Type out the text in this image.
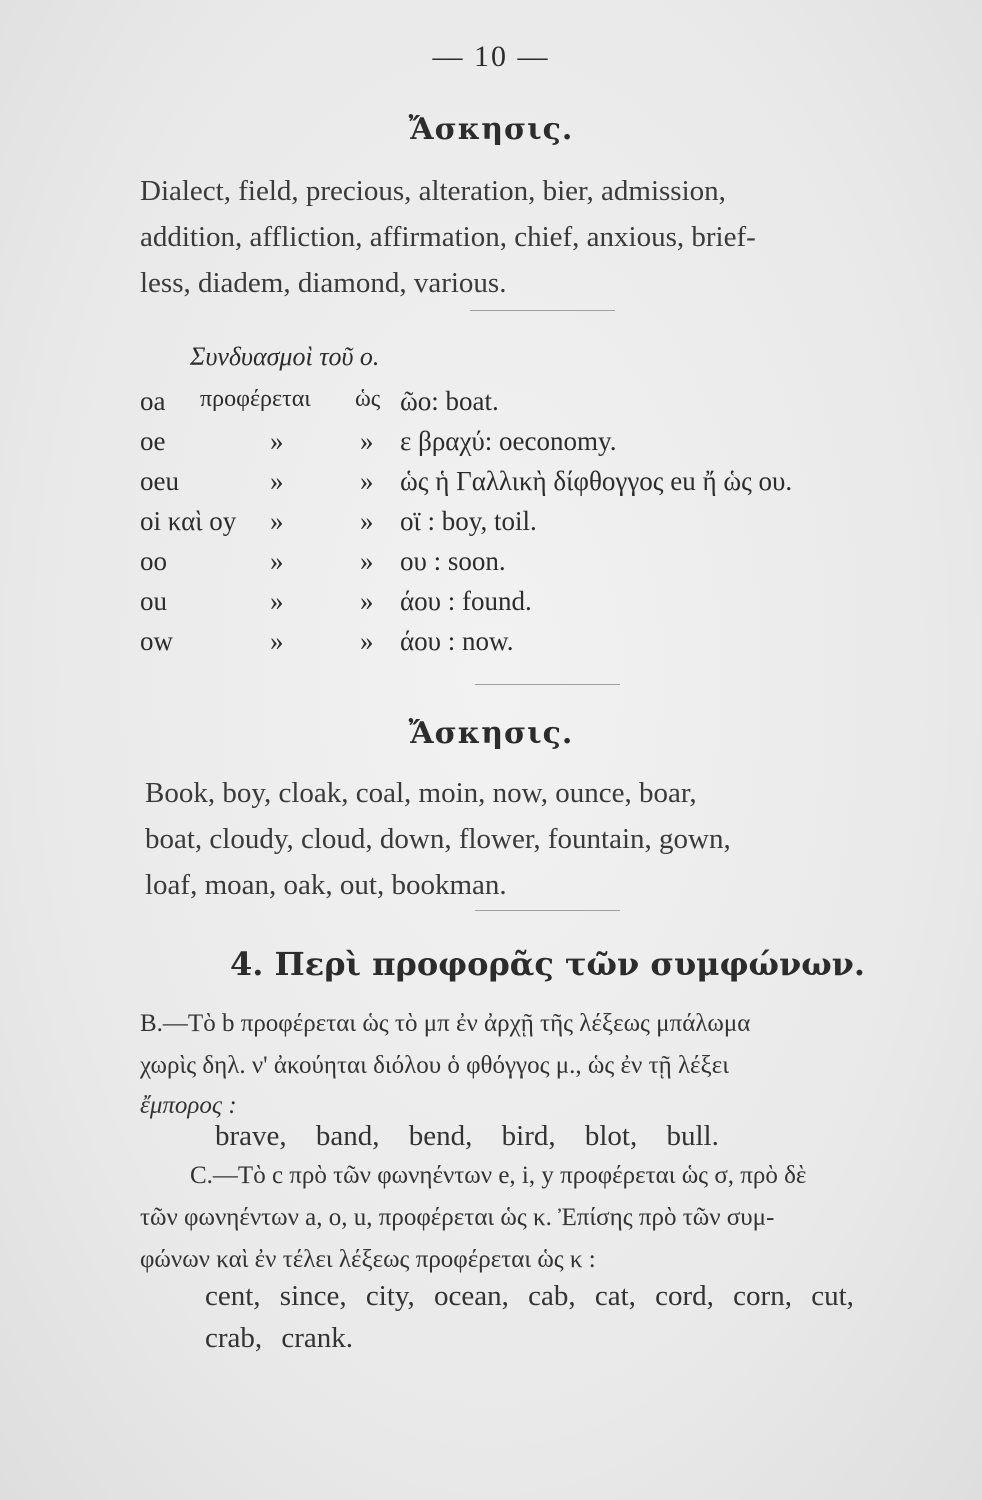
— 10 —
Ἄσκησις.

Dialect, field, precious, alteration, bier, admission,
addition, affliction, affirmation, chief, anxious, brief-
less, diadem, diamond, various.

Συνδυασμοὶ τοῦ o.
oa προφέρεται ὡς ῶο: boat.
oe	»	» ε βραχύ: oeconomy.
oeu	»	» ὡς ἡ Γαλλικὴ δίφθογγος eu ἤ ὡς ου.
oi καὶ oy »	» οϊ : boy, toil.
oo	»	» ου : soon.
ou	»	» άου : found.
ow	»	» άου : now.
Ἄσκησις.

Book, boy, cloak, coal, moin, now, ounce, boar,
boat, cloudy, cloud, down, flower, fountain, gown,
loaf, moan, oak, out, bookman.

4. Περὶ προφορᾶς τῶν συμφώνων.
B.—Τὸ b προφέρεται ὡς τὸ μπ ἐν ἀρχῇ τῆς λέξεως μπάλωμα
χωρὶς δηλ. ν' ἀκούηται διόλου ὁ φθόγγος μ., ὡς ἐν τῇ λέξει
ἔμπορος :
brave, band, bend, bird, blot, bull.
C.—Τὸ c πρὸ τῶν φωνηέντων e, i, y προφέρεται ὡς σ, πρὸ δὲ
τῶν φωνηέντων a, o, u, προφέρεται ὡς κ. Ἐπίσης πρὸ τῶν συμ-
φώνων καὶ ἐν τέλει λέξεως προφέρεται ὡς κ :
cent, since, city, ocean, cab, cat, cord, corn, cut,
crab, crank.
